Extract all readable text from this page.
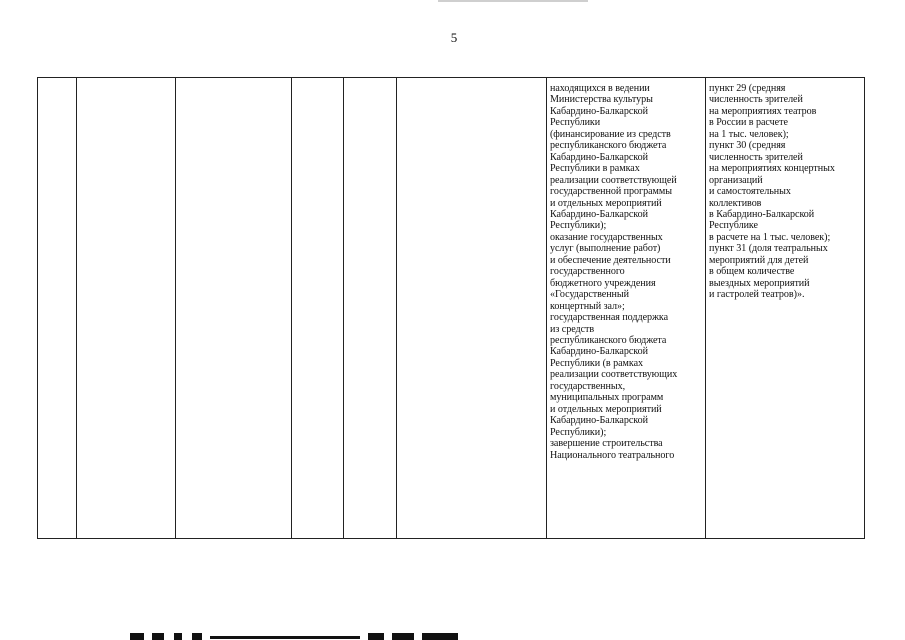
5
находящихся в ведении
Министерства культуры
Кабардино-Балкарской
Республики
(финансирование из средств
республиканского бюджета
Кабардино-Балкарской
Республики в рамках
реализации соответствующей
государственной программы
и отдельных мероприятий
Кабардино-Балкарской
Республики);
оказание государственных
услуг (выполнение работ)
и обеспечение деятельности
государственного
бюджетного учреждения
«Государственный
концертный зал»;
государственная поддержка
из средств
республиканского бюджета
Кабардино-Балкарской
Республики (в рамках
реализации соответствующих
государственных,
муниципальных программ
и отдельных мероприятий
Кабардино-Балкарской
Республики);
завершение строительства
Национального театрального
пункт 29 (средняя
численность зрителей
на мероприятиях театров
в России в расчете
на 1 тыс. человек);
пункт 30 (средняя
численность зрителей
на мероприятиях концертных
организаций
и самостоятельных
коллективов
в Кабардино-Балкарской
Республике
в расчете на 1 тыс. человек);
пункт 31 (доля театральных
мероприятий для детей
в общем количестве
выездных мероприятий
и гастролей театров)».
